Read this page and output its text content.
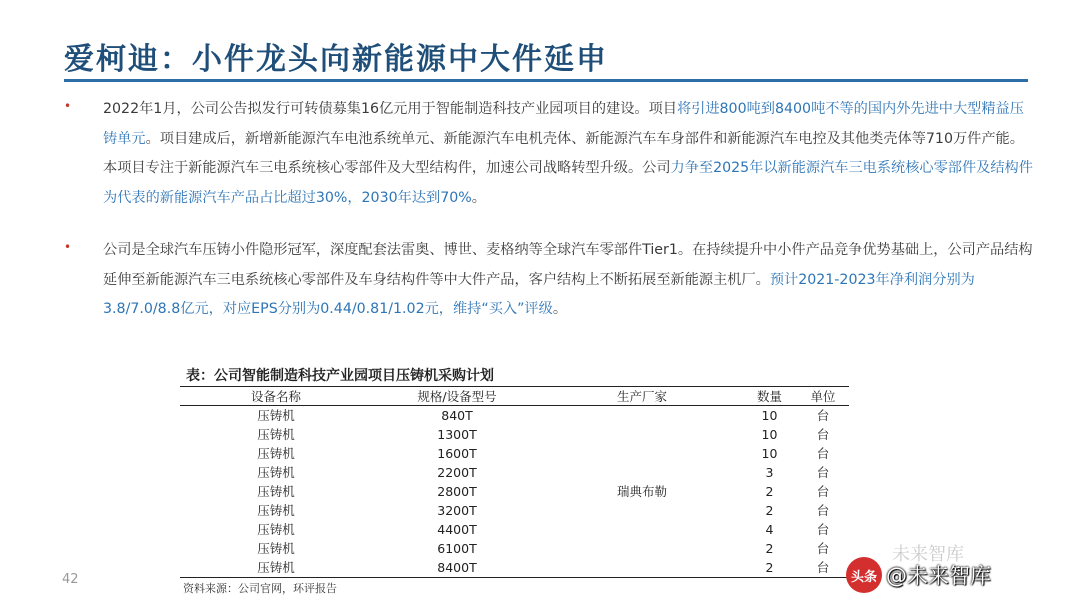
爱柯迪：小件龙头向新能源中大件延申
• 2022年1月，公司公告拟发行可转债募集16亿元用于智能制造科技产业园项目的建设。项目将引进800吨到8400吨不等的国内外先进中大型精益压铸单元。项目建成后，新增新能源汽车电池系统单元、新能源汽车电机壳体、新能源汽车车身部件和新能源汽车电控及其他类壳体等710万件产能。本项目专注于新能源汽车三电系统核心零部件及大型结构件，加速公司战略转型升级。公司力争至2025年以新能源汽车三电系统核心零部件及结构件为代表的新能源汽车产品占比超过30%，2030年达到70%。
• 公司是全球汽车压铸小件隐形冠军，深度配套法雷奥、博世、麦格纳等全球汽车零部件Tier1。在持续提升中小件产品竞争优势基础上，公司产品结构延伸至新能源汽车三电系统核心零部件及车身结构件等中大件产品，客户结构上不断拓展至新能源主机厂。预计2021-2023年净利润分别为3.8/7.0/8.8亿元，对应EPS分别为0.44/0.81/1.02元，维持“买入”评级。
表：公司智能制造科技产业园项目压铸机采购计划
设备名称	规格/设备型号	生产厂家	数量	单位
压铸机	840T		10	台
压铸机	1300T		10	台
压铸机	1600T		10	台
压铸机	2200T		3	台
压铸机	2800T	瑞典布勒	2	台
压铸机	3200T		2	台
压铸机	4400T		4	台
压铸机	6100T		2	台
压铸机	8400T		2	台
42
资料来源：公司官网，环评报告
未来智库
头条 @未来智库
